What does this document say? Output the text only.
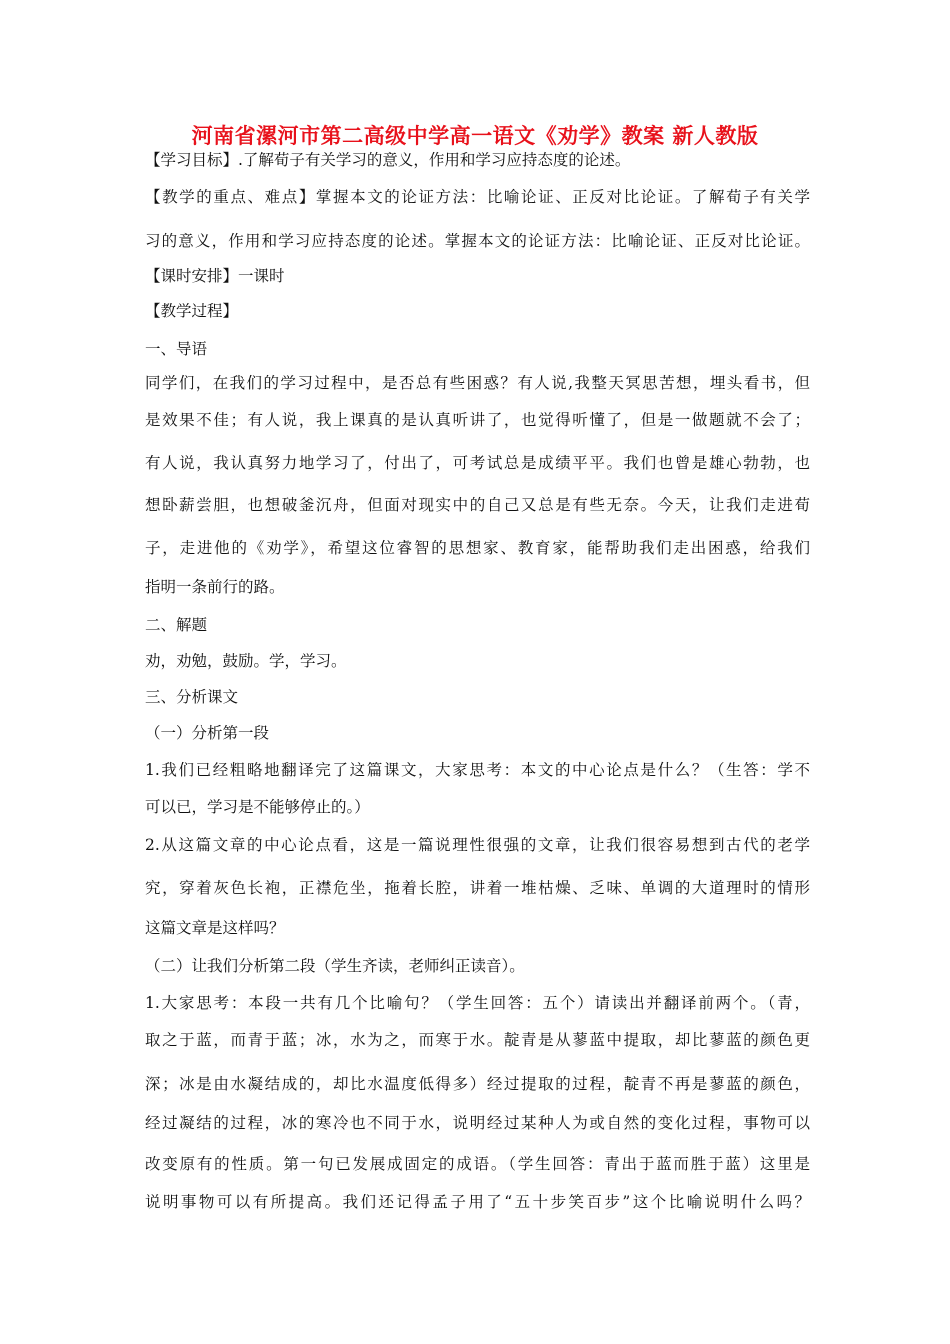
河南省漯河市第二高级中学高一语文《劝学》教案 新人教版
【学习目标】.了解荀子有关学习的意义，作用和学习应持态度的论述。
【教学的重点、难点】掌握本文的论证方法：比喻论证、正反对比论证。了解荀子有关学
习的意义，作用和学习应持态度的论述。掌握本文的论证方法：比喻论证、正反对比论证。
【课时安排】一课时
【教学过程】
一、导语
同学们，在我们的学习过程中，是否总有些困惑？有人说,我整天冥思苦想，埋头看书，但
是效果不佳；有人说，我上课真的是认真听讲了，也觉得听懂了，但是一做题就不会了；
有人说，我认真努力地学习了，付出了，可考试总是成绩平平。我们也曾是雄心勃勃，也
想卧薪尝胆，也想破釜沉舟，但面对现实中的自己又总是有些无奈。今天，让我们走进荀
子，走进他的《劝学》，希望这位睿智的思想家、教育家，能帮助我们走出困惑，给我们
指明一条前行的路。
二、解题
劝，劝勉，鼓励。学，学习。
三、分析课文
（一）分析第一段
1.我们已经粗略地翻译完了这篇课文，大家思考：本文的中心论点是什么？（生答：学不
可以已，学习是不能够停止的。）
2.从这篇文章的中心论点看，这是一篇说理性很强的文章，让我们很容易想到古代的老学
究，穿着灰色长袍，正襟危坐，拖着长腔，讲着一堆枯燥、乏味、单调的大道理时的情形
这篇文章是这样吗？
（二）让我们分析第二段（学生齐读，老师纠正读音）。
1.大家思考：本段一共有几个比喻句？（学生回答：五个）请读出并翻译前两个。（青，
取之于蓝，而青于蓝；冰，水为之，而寒于水。靛青是从蓼蓝中提取，却比蓼蓝的颜色更
深；冰是由水凝结成的，却比水温度低得多）经过提取的过程，靛青不再是蓼蓝的颜色，
经过凝结的过程，冰的寒冷也不同于水，说明经过某种人为或自然的变化过程，事物可以
改变原有的性质。第一句已发展成固定的成语。（学生回答：青出于蓝而胜于蓝）这里是
说明事物可以有所提高。我们还记得孟子用了“五十步笑百步”这个比喻说明什么吗？
